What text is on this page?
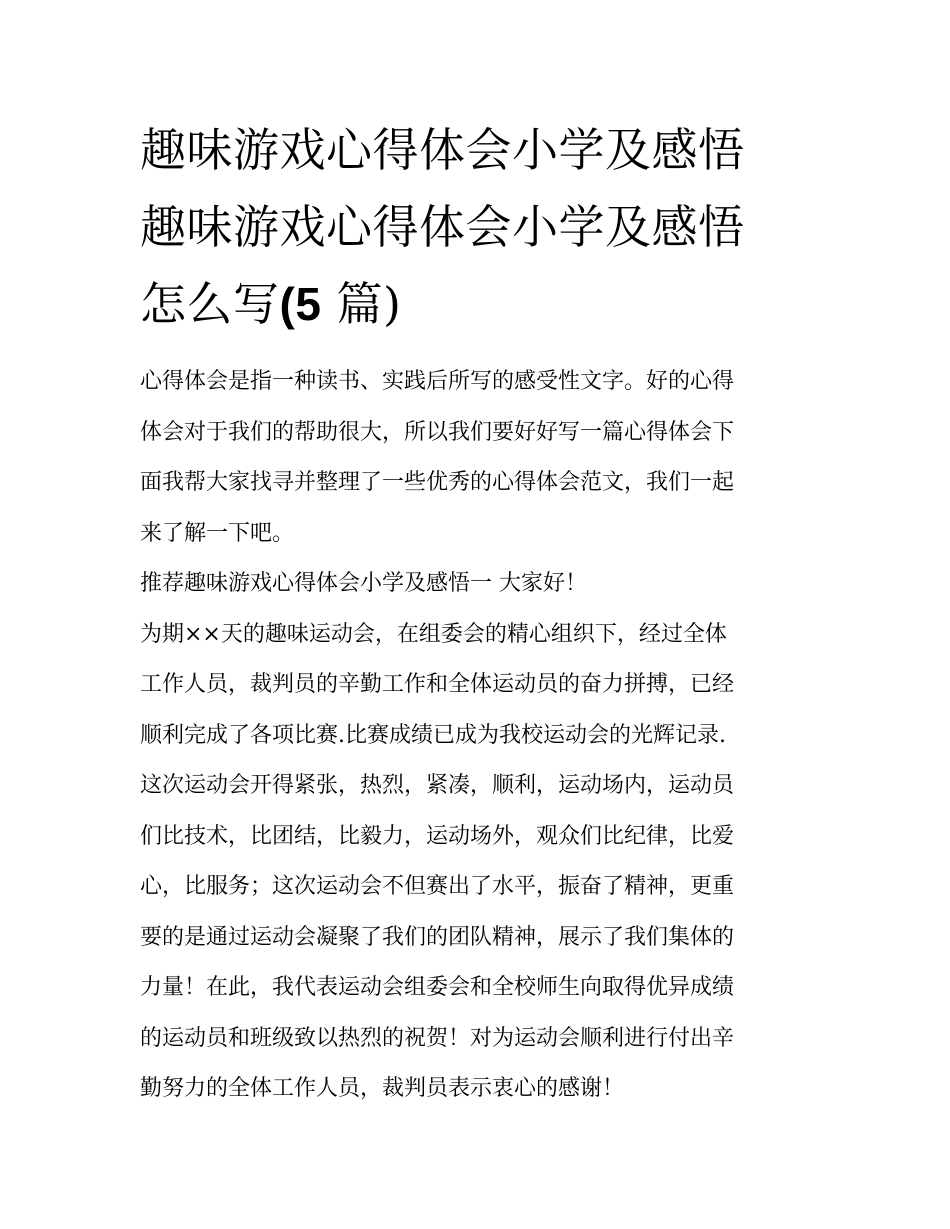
趣味游戏心得体会小学及感悟
趣味游戏心得体会小学及感悟
怎么写(5 篇)
心得体会是指一种读书、实践后所写的感受性文字。好的心得
体会对于我们的帮助很大，所以我们要好好写一篇心得体会下
面我帮大家找寻并整理了一些优秀的心得体会范文，我们一起
来了解一下吧。
推荐趣味游戏心得体会小学及感悟一 大家好！
为期××天的趣味运动会，在组委会的精心组织下，经过全体
工作人员，裁判员的辛勤工作和全体运动员的奋力拼搏，已经
顺利完成了各项比赛.比赛成绩已成为我校运动会的光辉记录.
这次运动会开得紧张，热烈，紧凑，顺利，运动场内，运动员
们比技术，比团结，比毅力，运动场外，观众们比纪律，比爱
心，比服务；这次运动会不但赛出了水平，振奋了精神，更重
要的是通过运动会凝聚了我们的团队精神，展示了我们集体的
力量！在此，我代表运动会组委会和全校师生向取得优异成绩
的运动员和班级致以热烈的祝贺！对为运动会顺利进行付出辛
勤努力的全体工作人员，裁判员表示衷心的感谢！
